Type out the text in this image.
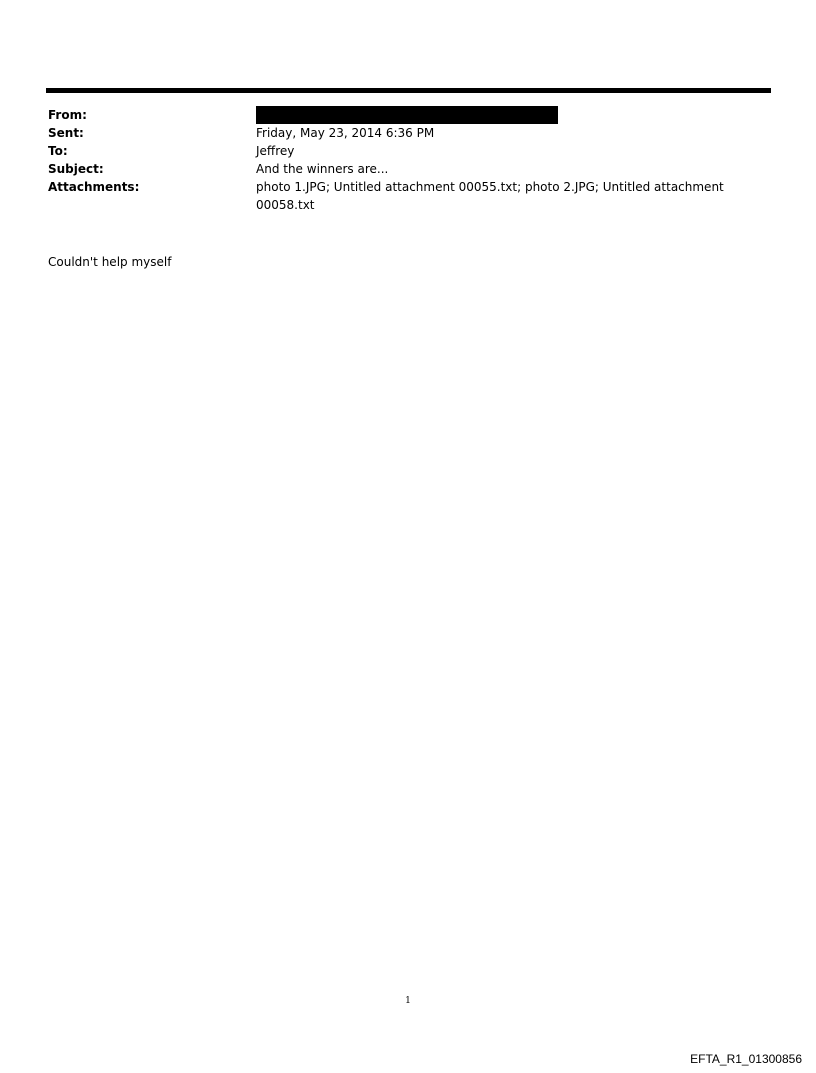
From:
Sent:	Friday, May 23, 2014 6:36 PM
To:	Jeffrey
Subject:	And the winners are...
Attachments:	photo 1.JPG; Untitled attachment 00055.txt; photo 2.JPG; Untitled attachment 00058.txt
Couldn't help myself
1
EFTA_R1_01300856
